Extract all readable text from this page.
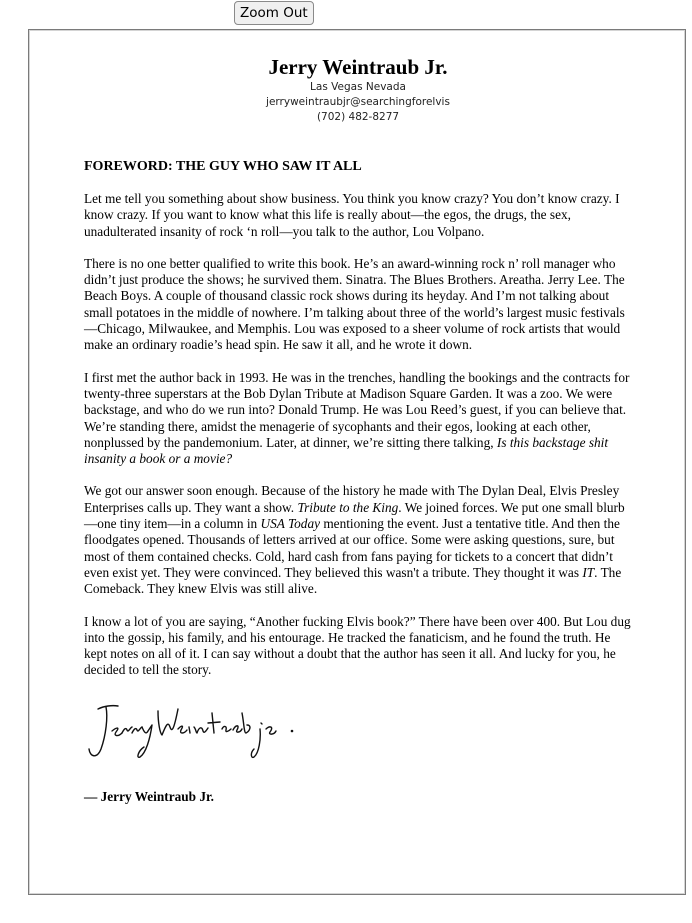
Zoom Out
Jerry Weintraub Jr.
Las Vegas Nevada
jerryweintraubjr@searchingforelvis
(702) 482-8277
FOREWORD: THE GUY WHO SAW IT ALL

Let me tell you something about show business. You think you know crazy? You don’t know crazy. I know crazy. If you want to know what this life is really about—the egos, the drugs, the sex, unadulterated insanity of rock ‘n roll—you talk to the author, Lou Volpano.

There is no one better qualified to write this book. He’s an award-winning rock n’ roll manager who didn’t just produce the shows; he survived them. Sinatra. The Blues Brothers. Areatha. Jerry Lee. The Beach Boys. A couple of thousand classic rock shows during its heyday. And I’m not talking about small potatoes in the middle of nowhere. I’m talking about three of the world’s largest music festivals—Chicago, Milwaukee, and Memphis. Lou was exposed to a sheer volume of rock artists that would make an ordinary roadie’s head spin. He saw it all, and he wrote it down.

I first met the author back in 1993. He was in the trenches, handling the bookings and the contracts for twenty-three superstars at the Bob Dylan Tribute at Madison Square Garden. It was a zoo. We were backstage, and who do we run into? Donald Trump. He was Lou Reed’s guest, if you can believe that. We’re standing there, amidst the menagerie of sycophants and their egos, looking at each other, nonplussed by the pandemonium. Later, at dinner, we’re sitting there talking, Is this backstage shit insanity a book or a movie?

We got our answer soon enough. Because of the history he made with The Dylan Deal, Elvis Presley Enterprises calls up. They want a show. Tribute to the King. We joined forces. We put one small blurb—one tiny item—in a column in USA Today mentioning the event. Just a tentative title. And then the floodgates opened. Thousands of letters arrived at our office. Some were asking questions, sure, but most of them contained checks. Cold, hard cash from fans paying for tickets to a concert that didn’t even exist yet. They were convinced. They believed this wasn't a tribute. They thought it was IT. The Comeback. They knew Elvis was still alive.

I know a lot of you are saying, “Another fucking Elvis book?” There have been over 400. But Lou dug into the gossip, his family, and his entourage. He tracked the fanaticism, and he found the truth. He kept notes on all of it. I can say without a doubt that the author has seen it all. And lucky for you, he decided to tell the story.

— Jerry Weintraub Jr.
